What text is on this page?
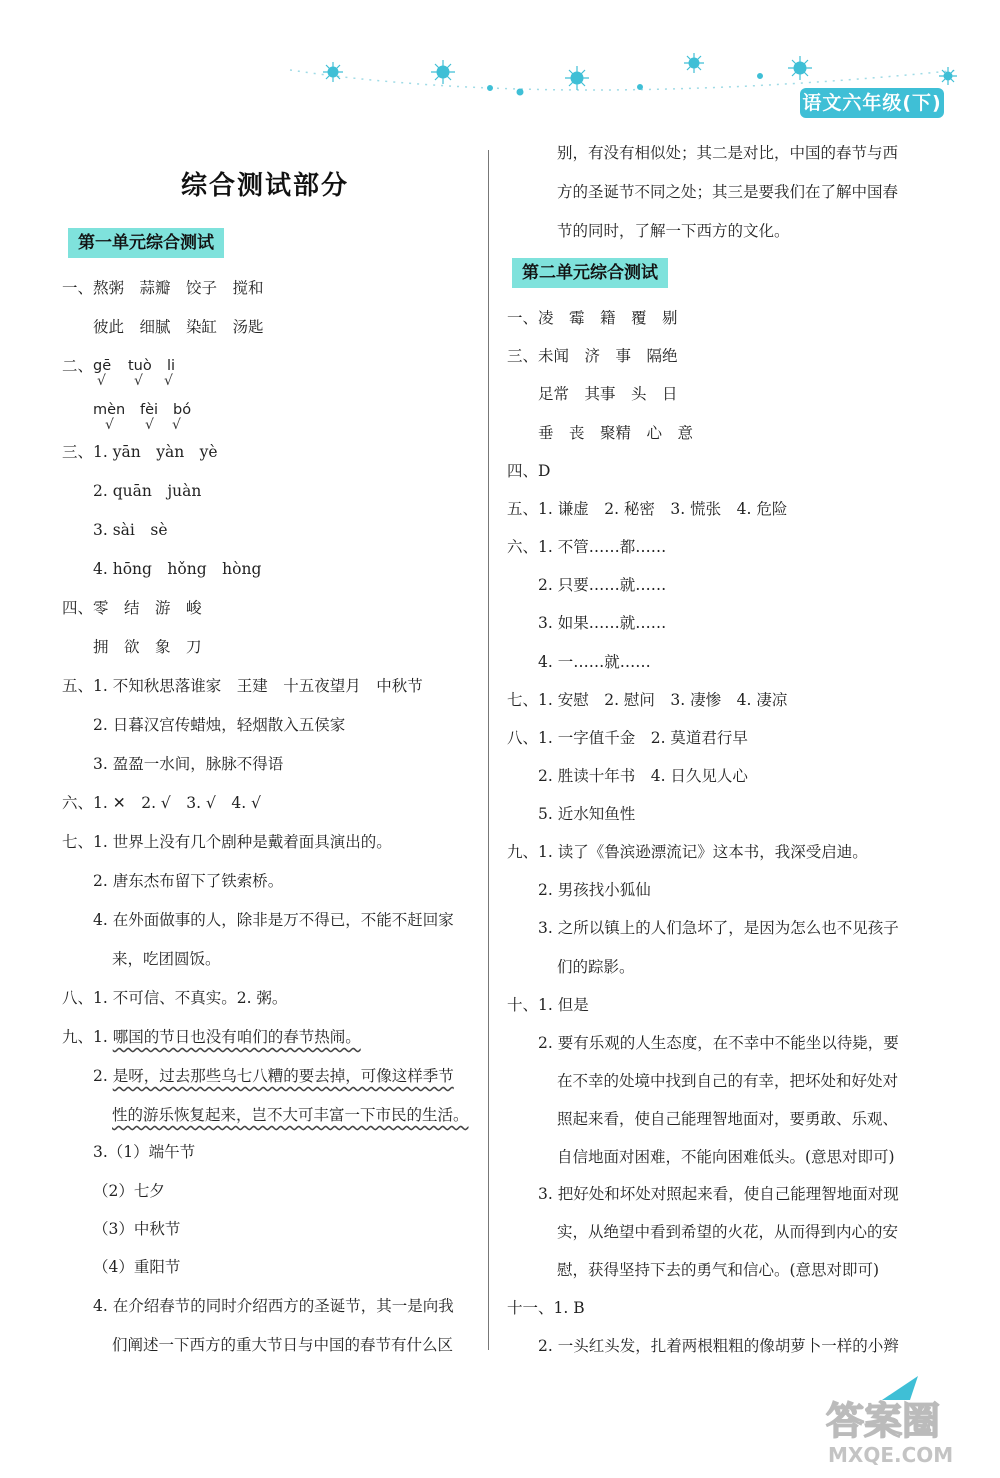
语文六年级(下)
综合测试部分
第一单元综合测试
一、熬粥　蒜瓣　饺子　搅和
彼此　细腻　染缸　汤匙
二、 gē tuò li
√ √ √
mèn fèi bó
√ √ √
三、1. yān　yàn　yè
2. quān　juàn
3. sài　sè
4. hōng　hǒng　hòng
四、零　结　游　峻
拥　欲　象　刀
五、1. 不知秋思落谁家　王建　十五夜望月　中秋节
2. 日暮汉宫传蜡烛，轻烟散入五侯家
3. 盈盈一水间，脉脉不得语
六、1. ✕　2. √　3. √　4. √
七、1. 世界上没有几个剧种是戴着面具演出的。
2. 唐东杰布留下了铁索桥。
4. 在外面做事的人，除非是万不得已，不能不赶回家
来，吃团圆饭。
八、1. 不可信、不真实。2. 粥。
九、1. 哪国的节日也没有咱们的春节热闹。
2. 是呀，过去那些乌七八糟的要去掉，可像这样季节
性的游乐恢复起来，岂不大可丰富一下市民的生活。
3.（1）端午节
（2）七夕
（3）中秋节
（4）重阳节
4. 在介绍春节的同时介绍西方的圣诞节，其一是向我
们阐述一下西方的重大节日与中国的春节有什么区
别，有没有相似处；其二是对比，中国的春节与西
方的圣诞节不同之处；其三是要我们在了解中国春
节的同时，了解一下西方的文化。
第二单元综合测试
一、凌　霉　籍　覆　剔
三、未闻　济　事　隔绝
足常　其事　头　日
垂　丧　聚精　心　意
四、D
五、1. 谦虚　2. 秘密　3. 慌张　4. 危险
六、1. 不管……都……
2. 只要……就……
3. 如果……就……
4. 一……就……
七、1. 安慰　2. 慰问　3. 凄惨　4. 凄凉
八、1. 一字值千金　2. 莫道君行早
2. 胜读十年书　4. 日久见人心
5. 近水知鱼性
九、1. 读了《鲁滨逊漂流记》这本书，我深受启迪。
2. 男孩找小狐仙
3. 之所以镇上的人们急坏了，是因为怎么也不见孩子
们的踪影。
十、1. 但是
2. 要有乐观的人生态度，在不幸中不能坐以待毙，要
在不幸的处境中找到自己的有幸，把坏处和好处对
照起来看，使自己能理智地面对，要勇敢、乐观、
自信地面对困难，不能向困难低头。(意思对即可)
3. 把好处和坏处对照起来看，使自己能理智地面对现
实，从绝望中看到希望的火花，从而得到内心的安
慰，获得坚持下去的勇气和信心。(意思对即可)
十一、1. B
2. 一头红头发，扎着两根粗粗的像胡萝卜一样的小辫
答案圈
MXQE.COM
